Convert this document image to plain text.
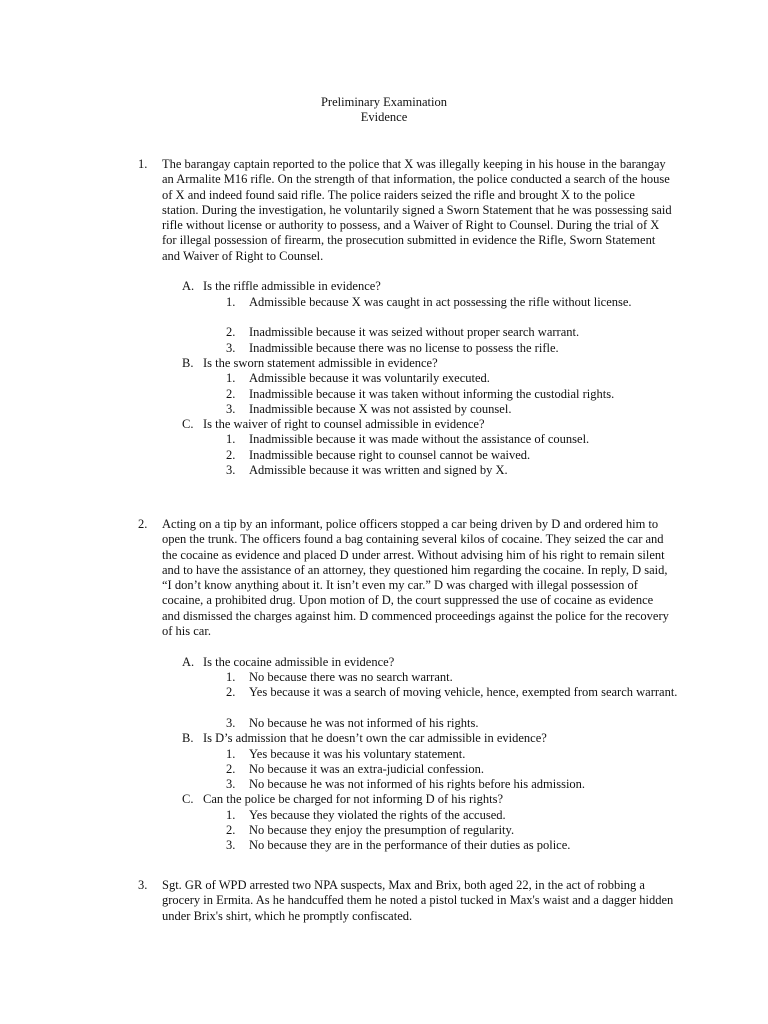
Preliminary Examination
Evidence
1. The barangay captain reported to the police that X was illegally keeping in his house in the barangay an Armalite M16 rifle. On the strength of that information, the police conducted a search of the house of X and indeed found said rifle. The police raiders seized the rifle and brought X to the police station. During the investigation, he voluntarily signed a Sworn Statement that he was possessing said rifle without license or authority to possess, and a Waiver of Right to Counsel. During the trial of X for illegal possession of firearm, the prosecution submitted in evidence the Rifle, Sworn Statement and Waiver of Right to Counsel.
A. Is the riffle admissible in evidence?
1. Admissible because X was caught in act possessing the rifle without license.
2. Inadmissible because it was seized without proper search warrant.
3. Inadmissible because there was no license to possess the rifle.
B. Is the sworn statement admissible in evidence?
1. Admissible because it was voluntarily executed.
2. Inadmissible because it was taken without informing the custodial rights.
3. Inadmissible because X was not assisted by counsel.
C. Is the waiver of right to counsel admissible in evidence?
1. Inadmissible because it was made without the assistance of counsel.
2. Inadmissible because right to counsel cannot be waived.
3. Admissible because it was written and signed by X.
2. Acting on a tip by an informant, police officers stopped a car being driven by D and ordered him to open the trunk. The officers found a bag containing several kilos of cocaine. They seized the car and the cocaine as evidence and placed D under arrest. Without advising him of his right to remain silent and to have the assistance of an attorney, they questioned him regarding the cocaine. In reply, D said, “I don’t know anything about it. It isn’t even my car.” D was charged with illegal possession of cocaine, a prohibited drug. Upon motion of D, the court suppressed the use of cocaine as evidence and dismissed the charges against him. D commenced proceedings against the police for the recovery of his car.
A. Is the cocaine admissible in evidence?
1. No because there was no search warrant.
2. Yes because it was a search of moving vehicle, hence, exempted from search warrant.
3. No because he was not informed of his rights.
B. Is D’s admission that he doesn’t own the car admissible in evidence?
1. Yes because it was his voluntary statement.
2. No because it was an extra-judicial confession.
3. No because he was not informed of his rights before his admission.
C. Can the police be charged for not informing D of his rights?
1. Yes because they violated the rights of the accused.
2. No because they enjoy the presumption of regularity.
3. No because they are in the performance of their duties as police.
3. Sgt. GR of WPD arrested two NPA suspects, Max and Brix, both aged 22, in the act of robbing a grocery in Ermita. As he handcuffed them he noted a pistol tucked in Max's waist and a dagger hidden under Brix's shirt, which he promptly confiscated.
